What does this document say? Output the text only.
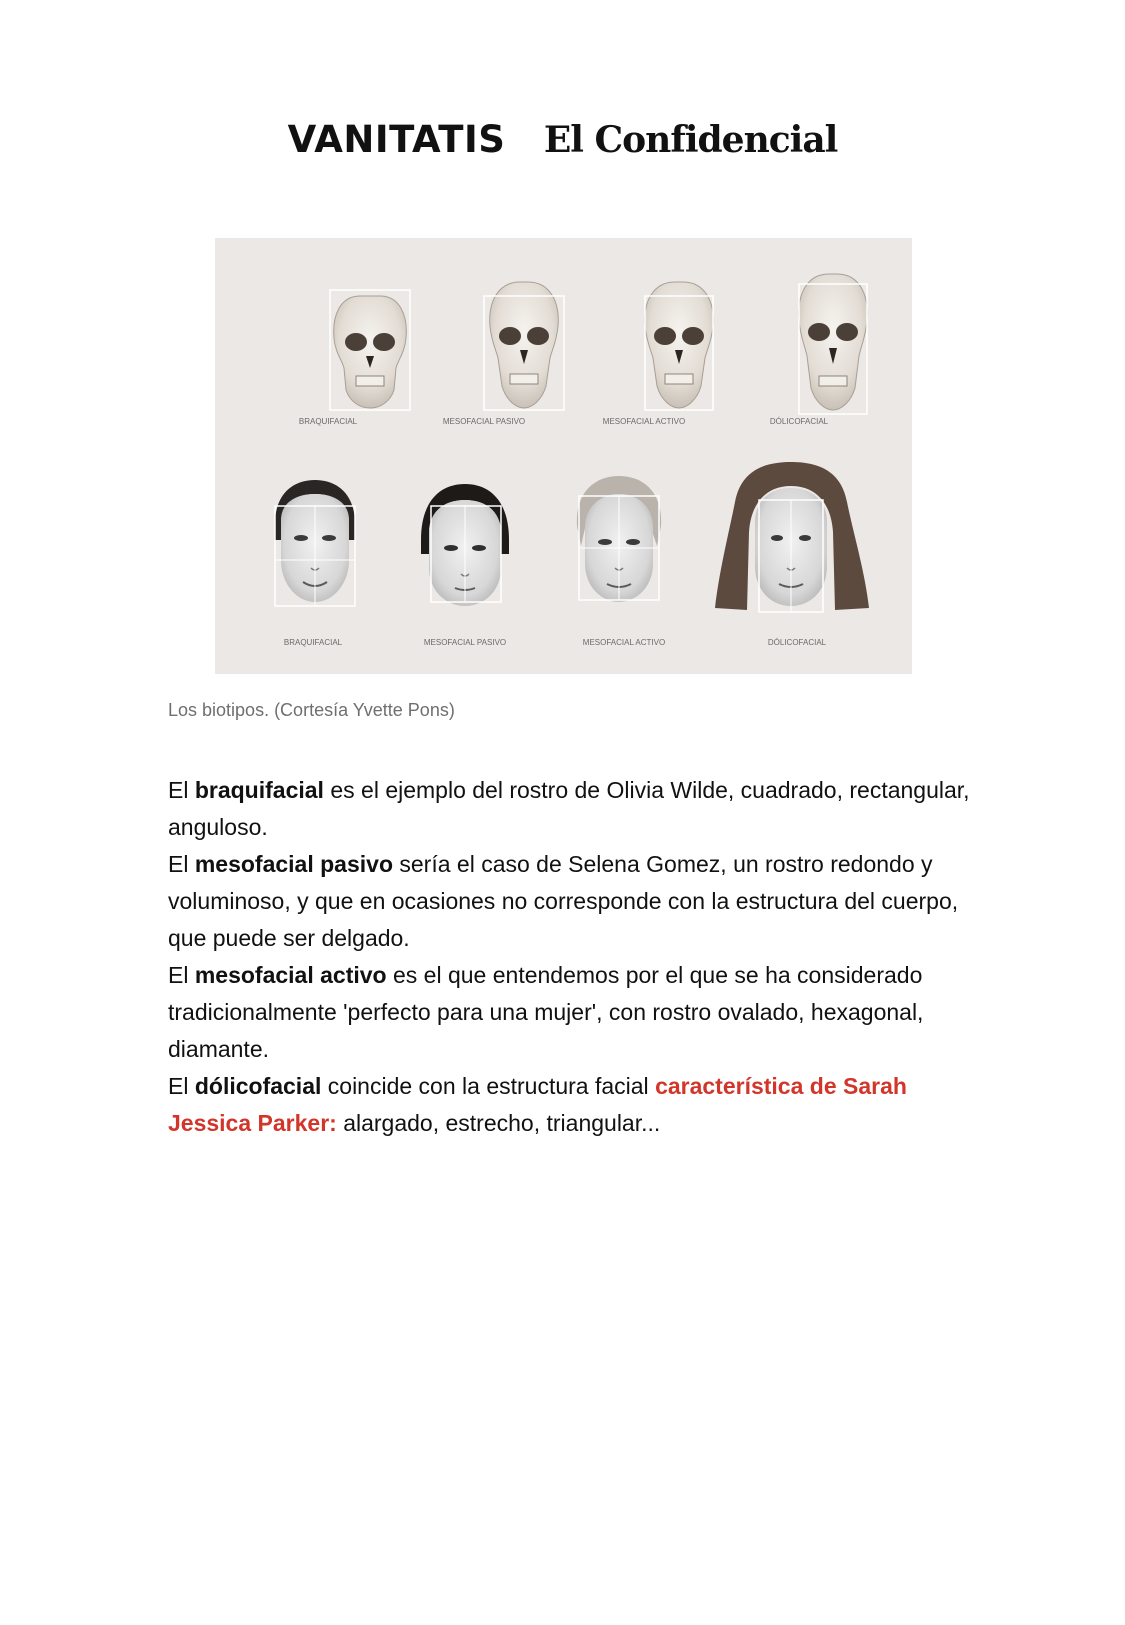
VANITATIS El Confidencial
BRAQUIFACIAL	MESOFACIAL PASIVO	MESOFACIAL ACTIVO	DÓLICOFACIAL
BRAQUIFACIAL	MESOFACIAL PASIVO	MESOFACIAL ACTIVO	DÓLICOFACIAL
Los biotipos. (Cortesía Yvette Pons)

El braquifacial es el ejemplo del rostro de Olivia Wilde, cuadrado, rectangular, anguloso.

El mesofacial pasivo sería el caso de Selena Gomez, un rostro redondo y voluminoso, y que en ocasiones no corresponde con la estructura del cuerpo, que puede ser delgado.

El mesofacial activo es el que entendemos por el que se ha considerado tradicionalmente 'perfecto para una mujer', con rostro ovalado, hexagonal, diamante.

El dólicofacial coincide con la estructura facial característica de Sarah Jessica Parker: alargado, estrecho, triangular...
